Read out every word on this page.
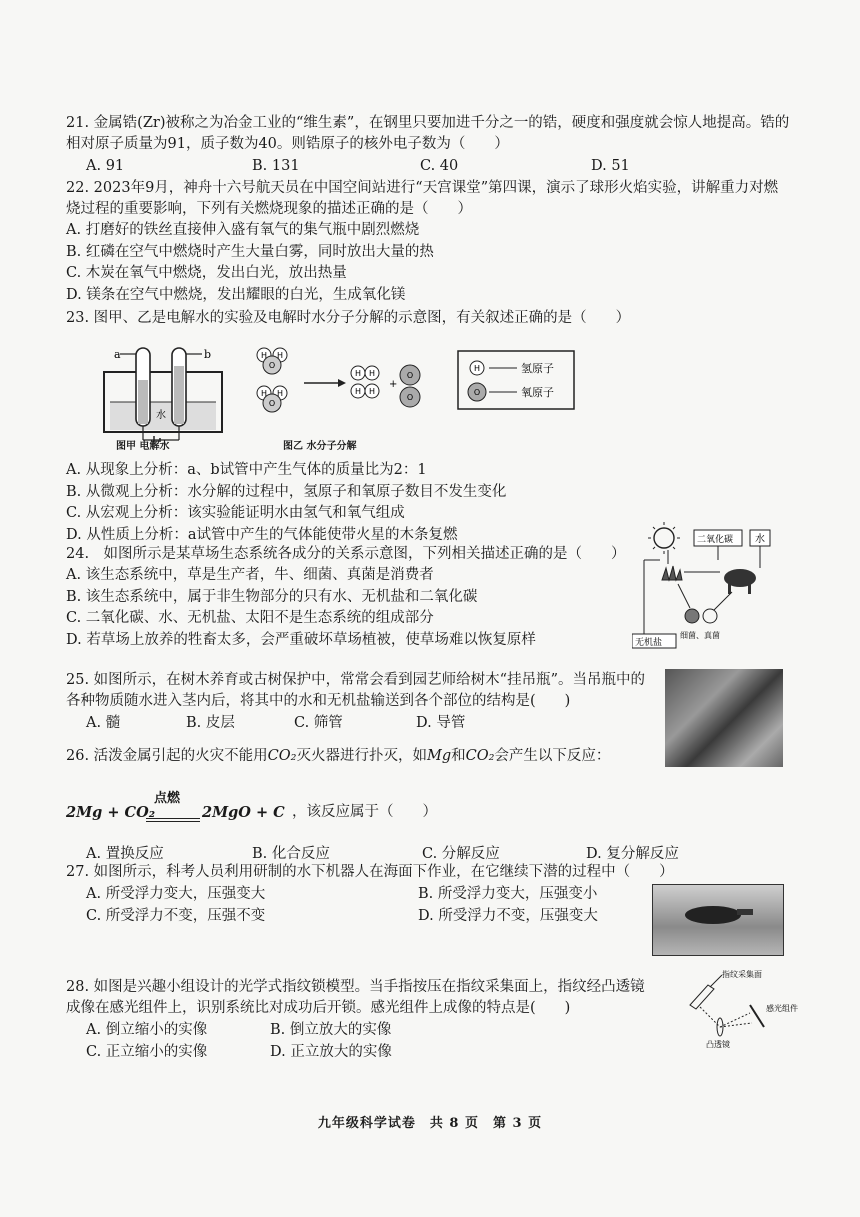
21. 金属锆(Zr)被称之为冶金工业的“维生素”，在钢里只要加进千分之一的锆，硬度和强度就会惊人地提高。锆的

相对原子质量为91，质子数为40。则锆原子的核外电子数为（　　）

A. 91	B. 131	C. 40	D. 51

22. 2023年9月，神舟十六号航天员在中国空间站进行“天宫课堂”第四课，演示了球形火焰实验，讲解重力对燃

烧过程的重要影响，下列有关燃烧现象的描述正确的是（　　）

A. 打磨好的铁丝直接伸入盛有氧气的集气瓶中剧烈燃烧

B. 红磷在空气中燃烧时产生大量白雾，同时放出大量的热

C. 木炭在氧气中燃烧，发出白光，放出热量

D. 镁条在空气中燃烧，发出耀眼的白光，生成氧化镁

23. 图甲、乙是电解水的实验及电解时水分子分解的示意图，有关叙述正确的是（　　）

a	b
水
图甲 电解水
H H
O
H H
O
H H
H H
O
O
+
图乙 水分子分解
H
O
氢原子
氧原子

A. 从现象上分析：a、b试管中产生气体的质量比为2：1

B. 从微观上分析：水分解的过程中，氢原子和氧原子数目不发生变化

C. 从宏观上分析：该实验能证明水由氢气和氧气组成

D. 从性质上分析：a试管中产生的气体能使带火星的木条复燃

24.　如图所示是某草场生态系统各成分的关系示意图，下列相关描述正确的是（　　）

A. 该生态系统中，草是生产者，牛、细菌、真菌是消费者

B. 该生态系统中，属于非生物部分的只有水、无机盐和二氧化碳

C. 二氧化碳、水、无机盐、太阳不是生态系统的组成部分

D. 若草场上放养的牲畜太多，会严重破坏草场植被，使草场难以恢复原样

二氧化碳 水
细菌、真菌
无机盐

25. 如图所示，在树木养育或古树保护中，常常会看到园艺师给树木“挂吊瓶”。当吊瓶中的

各种物质随水进入茎内后，将其中的水和无机盐输送到各个部位的结构是(　　)

A. 髓	B. 皮层	C. 筛管	D. 导管

26. 活泼金属引起的火灾不能用CO₂灭火器进行扑灭，如Mg和CO₂会产生以下反应：

2Mg + CO₂
点燃
2MgO + C ，该反应属于（　　）
A. 置换反应	B. 化合反应	C. 分解反应	D. 复分解反应

27. 如图所示，科考人员利用研制的水下机器人在海面下作业，在它继续下潜的过程中（　　）

A. 所受浮力变大，压强变大	B. 所受浮力变大，压强变小
C. 所受浮力不变，压强不变	D. 所受浮力不变，压强变大

28. 如图是兴趣小组设计的光学式指纹锁模型。当手指按压在指纹采集面上，指纹经凸透镜

成像在感光组件上，识别系统比对成功后开锁。感光组件上成像的特点是(　　)

A. 倒立缩小的实像	B. 倒立放大的实像
C. 正立缩小的实像	D. 正立放大的实像
指纹采集面
感光组件
凸透镜
九年级科学试卷　共 8 页　第 3 页
